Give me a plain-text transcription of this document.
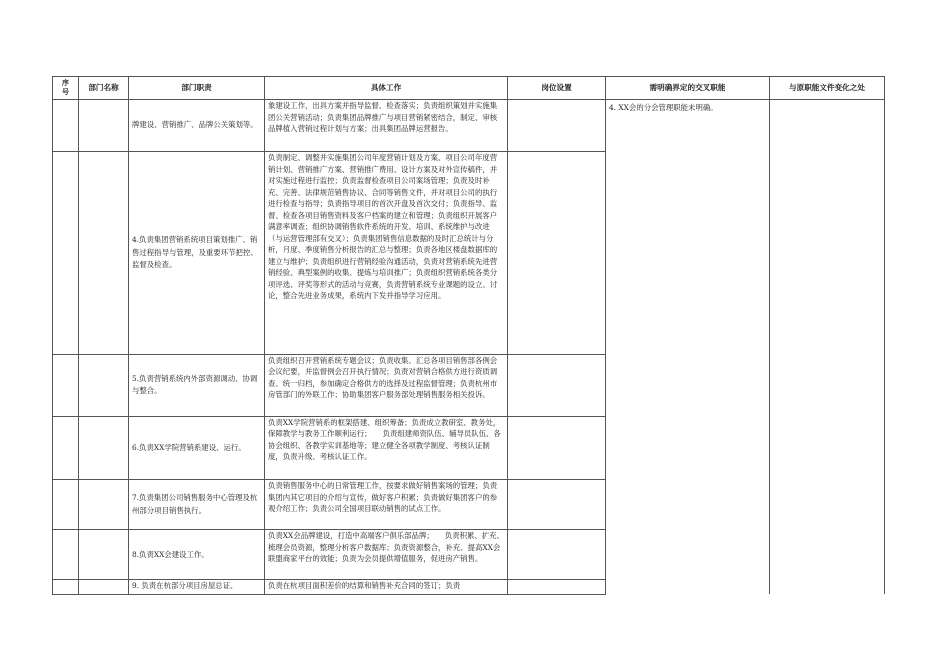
序号	部门名称	部门职责	具体工作	岗位设置	需明确界定的交叉职能	与原职能文件变化之处
		牌建设、营销推广、品牌公关策划等。	象建设工作，出具方案并指导监督、检查落实；负责组织策划并实施集团公关营销活动；负责集团品牌推广与项目营销紧密结合，制定、审核品牌植入营销过程计划与方案；出具集团品牌运营报告。		4. XX会的分会管理职能未明确。	
		4.负责集团营销系统项目策划推广、销售过程指导与管理，及重要环节把控、监督及检查。	负责制定、调整并实施集团公司年度营销计划及方案、项目公司年度营销计划、营销推广方案、营销推广费用、设计方案及对外宣传稿件，并对实施过程进行监控；负责监督检查项目公司案场管理；负责及时补充、完善、法律规范销售协议、合同等销售文件，并对项目公司的执行进行检查与指导；负责指导项目的首次开盘及首次交付；负责指导、监督、检查各项目销售资料及客户档案的建立和管理；负责组织开展客户满意率调查；组织协调销售软件系统的开发、培训、系统维护与改进（与运营管理部有交叉）；负责集团销售信息数据的及时汇总统计与分析，月度、季度销售分析报告的汇总与整理；负责各地区楼盘数据库的建立与维护；负责组织进行营销经验沟通活动，负责对营销系统先进营销经验、典型案例的收集、提炼与培训推广；负责组织营销系统各类分项评选、评奖等形式的活动与竞赛，负责营销系统专业课题的设立、讨论，整合先进业务成果，系统内下发并指导学习应用。			
		5.负责营销系统内外部资源调动、协调与整合。	负责组织召开营销系统专题会议；负责收集、汇总各项目销售部各例会会议纪要，并监督例会召开执行情况；负责对营销合格供方进行资质调查、统一归档，参加确定合格供方的选择及过程监督管理；负责杭州市房管部门的外联工作；协助集团客户服务部处理销售服务相关投诉。			
		6.负责XX学院营销系建设、运行。	负责XX学院营销系的框架搭建、组织筹备；负责成立教研室、教务处，保障教学与教务工作顺利运行；　　负责组建师资队伍、辅导员队伍、各协会组织、各教学实训基地等；建立健全各项教学制度、考核认证制度，负责升级、考核认证工作。			
		7.负责集团公司销售服务中心管理及杭州部分项目销售执行。	负责销售服务中心的日常管理工作，按要求做好销售案场的管理；负责集团内其它项目的介绍与宣传，做好客户积累；负责做好集团客户的参观介绍工作；负责公司全国项目联动销售的试点工作。			
		8.负责XX会建设工作。	负责XX会品牌建设，打造中高端客户俱乐部品牌；　　负责积累、扩充、梳理会员资源，整理分析客户数据库；负责资源整合，补充、提高XX会联盟商家平台的效能；负责为会员提供增值服务，促进房产销售。			
		9. 负责在杭部分项目房屋总证、	负责在杭项目面积差价的结算和销售补充合同的签订；负责			
